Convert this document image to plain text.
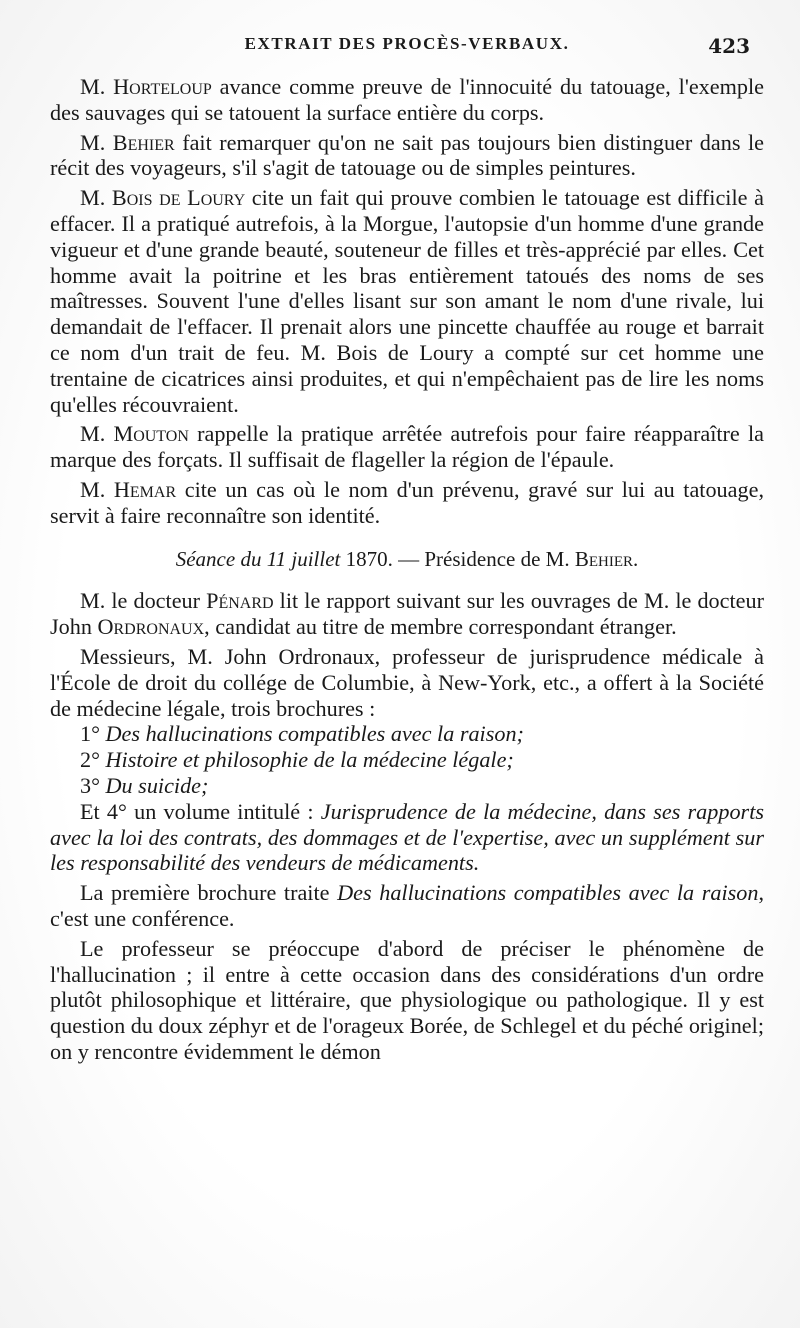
EXTRAIT DES PROCÈS-VERBAUX.	423

M. Horteloup avance comme preuve de l'innocuité du tatouage, l'exemple des sauvages qui se tatouent la surface entière du corps.

M. Behier fait remarquer qu'on ne sait pas toujours bien distinguer dans le récit des voyageurs, s'il s'agit de tatouage ou de simples peintures.

M. Bois de Loury cite un fait qui prouve combien le tatouage est difficile à effacer. Il a pratiqué autrefois, à la Morgue, l'autopsie d'un homme d'une grande vigueur et d'une grande beauté, souteneur de filles et très-apprécié par elles. Cet homme avait la poitrine et les bras entièrement tatoués des noms de ses maîtresses. Souvent l'une d'elles lisant sur son amant le nom d'une rivale, lui demandait de l'effacer. Il prenait alors une pincette chauffée au rouge et barrait ce nom d'un trait de feu. M. Bois de Loury a compté sur cet homme une trentaine de cicatrices ainsi produites, et qui n'empêchaient pas de lire les noms qu'elles récouvraient.

M. Mouton rappelle la pratique arrêtée autrefois pour faire réapparaître la marque des forçats. Il suffisait de flageller la région de l'épaule.

M. Hemar cite un cas où le nom d'un prévenu, gravé sur lui au tatouage, servit à faire reconnaître son identité.

Séance du 11 juillet 1870. — Présidence de M. Behier.

M. le docteur Pénard lit le rapport suivant sur les ouvrages de M. le docteur John Ordronaux, candidat au titre de membre correspondant étranger.

Messieurs, M. John Ordronaux, professeur de jurisprudence médicale à l'École de droit du collége de Columbie, à New-York, etc., a offert à la Société de médecine légale, trois brochures :

1° Des hallucinations compatibles avec la raison;
2° Histoire et philosophie de la médecine légale;
3° Du suicide;

Et 4° un volume intitulé : Jurisprudence de la médecine, dans ses rapports avec la loi des contrats, des dommages et de l'expertise, avec un supplément sur les responsabilité des vendeurs de médicaments.

La première brochure traite Des hallucinations compatibles avec la raison, c'est une conférence.

Le professeur se préoccupe d'abord de préciser le phénomène de l'hallucination ; il entre à cette occasion dans des considérations d'un ordre plutôt philosophique et littéraire, que physiologique ou pathologique. Il y est question du doux zéphyr et de l'orageux Borée, de Schlegel et du péché originel; on y rencontre évidemment le démon
